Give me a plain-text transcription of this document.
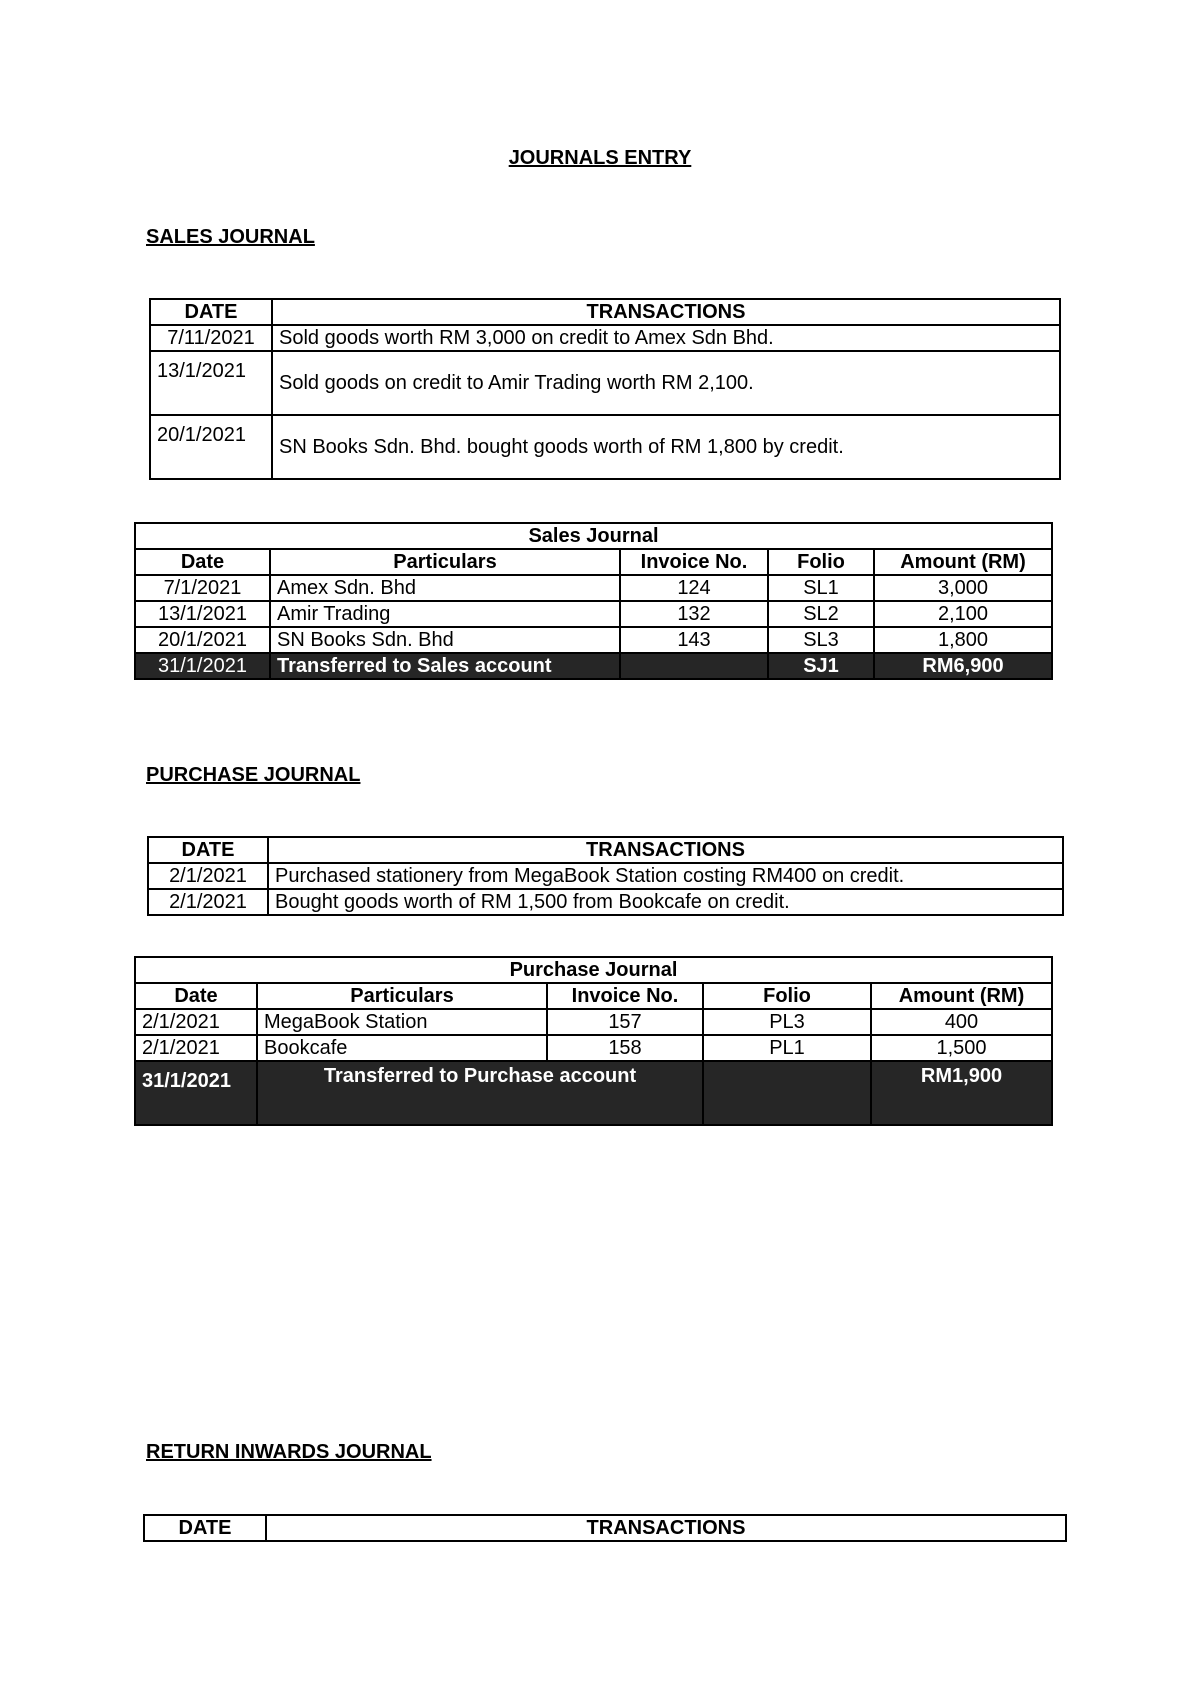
JOURNALS ENTRY
SALES JOURNAL
DATE	TRANSACTIONS
7/11/2021	Sold goods worth RM 3,000 on credit to Amex Sdn Bhd.
13/1/2021	Sold goods on credit to Amir Trading worth RM 2,100.
20/1/2021	SN Books Sdn. Bhd. bought goods worth of RM 1,800 by credit.
Sales Journal				
Date	Particulars	Invoice No.	Folio	Amount (RM)
7/1/2021	Amex Sdn. Bhd	124	SL1	3,000
13/1/2021	Amir Trading	132	SL2	2,100
20/1/2021	SN Books Sdn. Bhd	143	SL3	1,800
31/1/2021	Transferred to Sales account		SJ1	RM6,900
PURCHASE JOURNAL
DATE	TRANSACTIONS
2/1/2021	Purchased stationery from MegaBook Station costing RM400 on credit.
2/1/2021	Bought goods worth of RM 1,500 from Bookcafe on credit.
Purchase Journal				
Date	Particulars	Invoice No.	Folio	Amount (RM)
2/1/2021	MegaBook Station	157	PL3	400
2/1/2021	Bookcafe	158	PL1	1,500
31/1/2021	Transferred to Purchase account			RM1,900
RETURN INWARDS JOURNAL
DATE	TRANSACTIONS
